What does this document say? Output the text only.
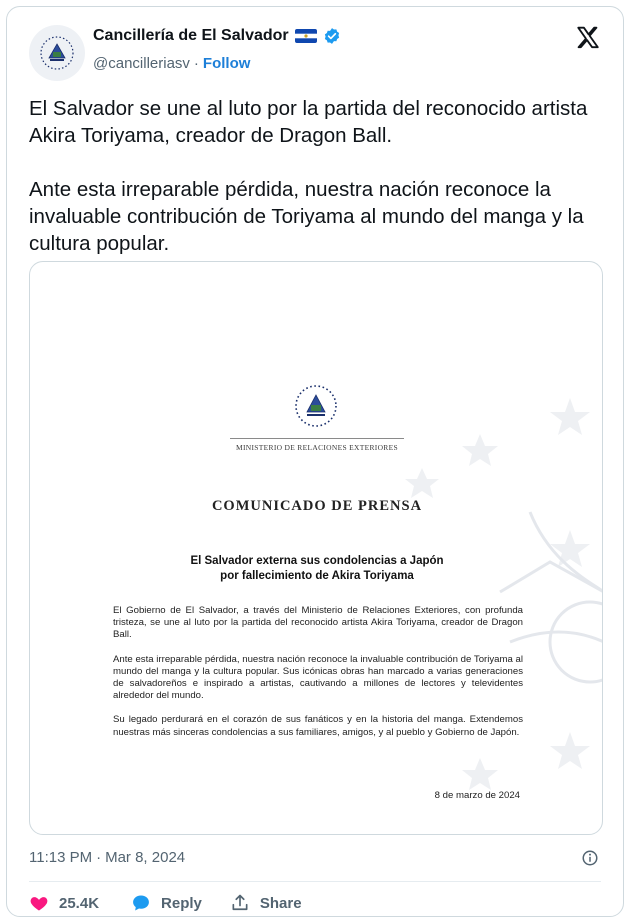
Cancillería de El Salvador
@cancilleriasv · Follow

El Salvador se une al luto por la partida del reconocido artista Akira Toriyama, creador de Dragon Ball.

Ante esta irreparable pérdida, nuestra nación reconoce la invaluable contribución de Toriyama al mundo del manga y la cultura popular.

MINISTERIO DE RELACIONES EXTERIORES
COMUNICADO DE PRENSA
El Salvador externa sus condolencias a Japón
por fallecimiento de Akira Toriyama

El Gobierno de El Salvador, a través del Ministerio de Relaciones Exteriores, con profunda tristeza, se une al luto por la partida del reconocido artista Akira Toriyama, creador de Dragon Ball.

Ante esta irreparable pérdida, nuestra nación reconoce la invaluable contribución de Toriyama al mundo del manga y la cultura popular. Sus icónicas obras han marcado a varias generaciones de salvadoreños e inspirado a artistas, cautivando a millones de lectores y televidentes alrededor del mundo.

Su legado perdurará en el corazón de sus fanáticos y en la historia del manga. Extendemos nuestras más sinceras condolencias a sus familiares, amigos, y al pueblo y Gobierno de Japón.

8 de marzo de 2024
11:13 PM · Mar 8, 2024
25.4K	Reply	Share
